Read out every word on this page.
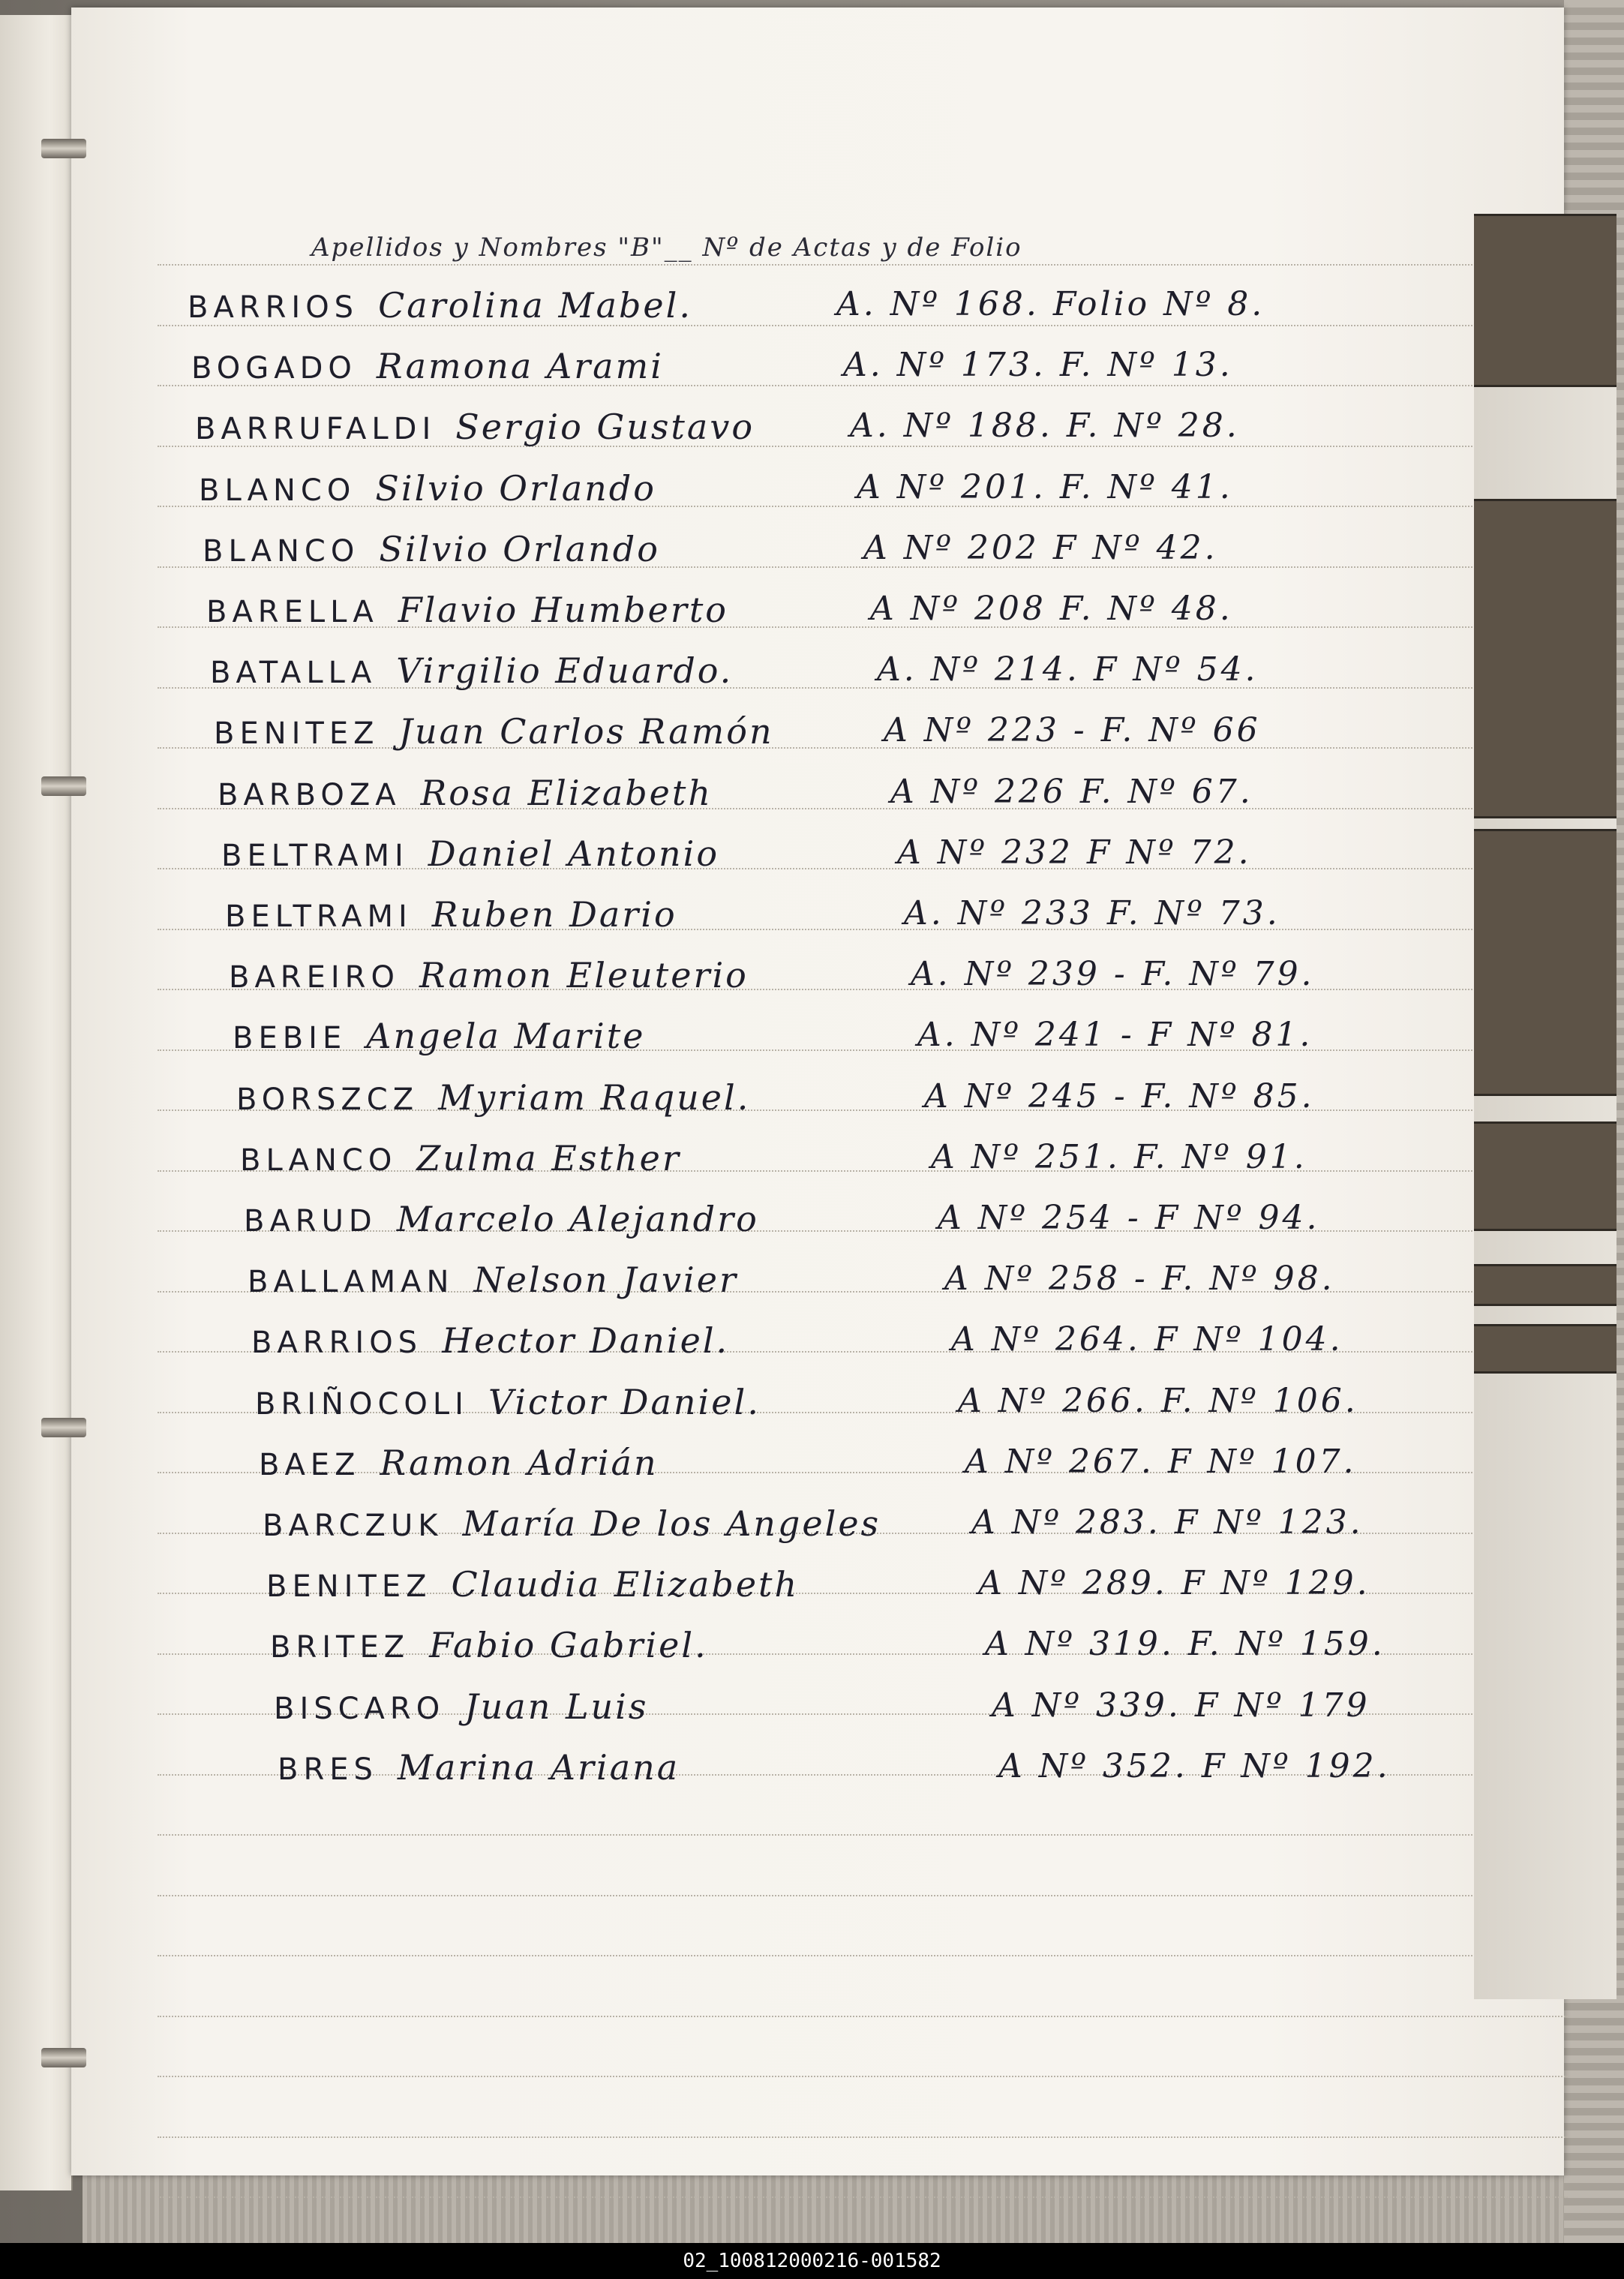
Apellidos y Nombres "B"__ Nº de Actas y de Folio
BARRIOS Carolina Mabel.	A. Nº 168. Folio Nº 8.
BOGADO Ramona Arami	A. Nº 173. F. Nº 13.
BARRUFALDI Sergio Gustavo	A. Nº 188. F. Nº 28.
BLANCO Silvio Orlando	A Nº 201. F. Nº 41.
BLANCO Silvio Orlando	A Nº 202 F Nº 42.
BARELLA Flavio Humberto	A Nº 208 F. Nº 48.
BATALLA Virgilio Eduardo.	A. Nº 214. F Nº 54.
BENITEZ Juan Carlos Ramón	A Nº 223 - F. Nº 66
BARBOZA Rosa Elizabeth	A Nº 226 F. Nº 67.
BELTRAMI Daniel Antonio	A Nº 232 F Nº 72.
BELTRAMI Ruben Dario	A. Nº 233 F. Nº 73.
BAREIRO Ramon Eleuterio	A. Nº 239 - F. Nº 79.
BEBIE Angela Marite	A. Nº 241 - F Nº 81.
BORSZCZ Myriam Raquel.	A Nº 245 - F. Nº 85.
BLANCO Zulma Esther	A Nº 251. F. Nº 91.
BARUD Marcelo Alejandro	A Nº 254 - F Nº 94.
BALLAMAN Nelson Javier	A Nº 258 - F. Nº 98.
BARRIOS Hector Daniel.	A Nº 264. F Nº 104.
BRIÑOCOLI Victor Daniel.	A Nº 266. F. Nº 106.
BAEZ Ramon Adrián	A Nº 267. F Nº 107.
BARCZUK María De los Angeles	A Nº 283. F Nº 123.
BENITEZ Claudia Elizabeth	A Nº 289. F Nº 129.
BRITEZ Fabio Gabriel.	A Nº 319. F. Nº 159.
BISCARO Juan Luis	A Nº 339. F Nº 179
BRES Marina Ariana	A Nº 352. F Nº 192.
02_100812000216-001582
